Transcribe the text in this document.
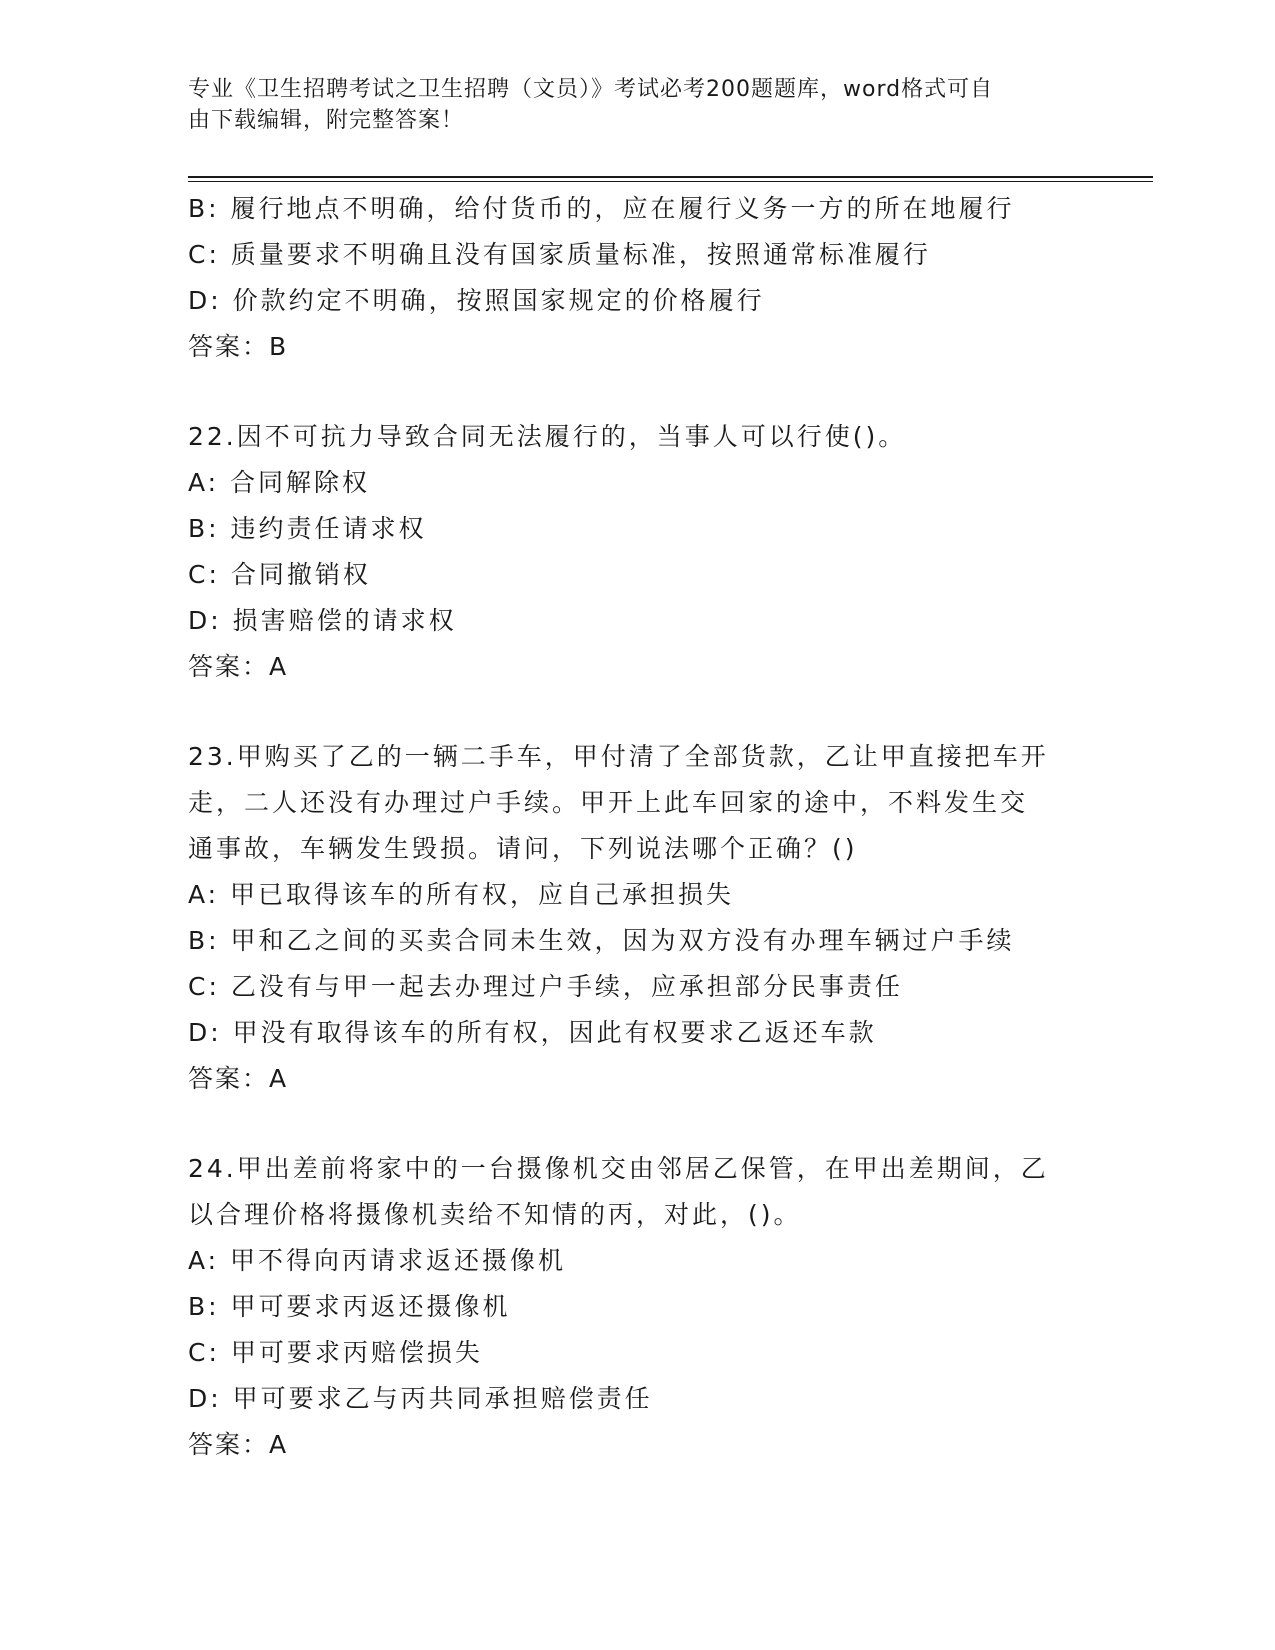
专业《卫生招聘考试之卫生招聘（文员）》考试必考200题题库，word格式可自
由下载编辑，附完整答案！
B: 履行地点不明确，给付货币的，应在履行义务一方的所在地履行
C: 质量要求不明确且没有国家质量标准，按照通常标准履行
D: 价款约定不明确，按照国家规定的价格履行
答案：B
22.因不可抗力导致合同无法履行的，当事人可以行使()。
A: 合同解除权
B: 违约责任请求权
C: 合同撤销权
D: 损害赔偿的请求权
答案：A
23.甲购买了乙的一辆二手车，甲付清了全部货款，乙让甲直接把车开
走，二人还没有办理过户手续。甲开上此车回家的途中，不料发生交
通事故，车辆发生毁损。请问，下列说法哪个正确？()
A: 甲已取得该车的所有权，应自己承担损失
B: 甲和乙之间的买卖合同未生效，因为双方没有办理车辆过户手续
C: 乙没有与甲一起去办理过户手续，应承担部分民事责任
D: 甲没有取得该车的所有权，因此有权要求乙返还车款
答案：A
24.甲出差前将家中的一台摄像机交由邻居乙保管，在甲出差期间，乙
以合理价格将摄像机卖给不知情的丙，对此，()。
A: 甲不得向丙请求返还摄像机
B: 甲可要求丙返还摄像机
C: 甲可要求丙赔偿损失
D: 甲可要求乙与丙共同承担赔偿责任
答案：A
